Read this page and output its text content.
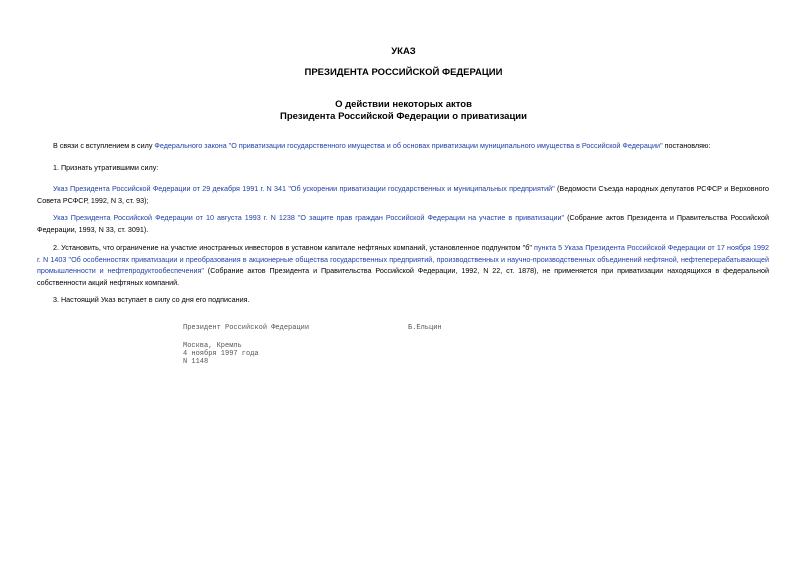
УКАЗ
ПРЕЗИДЕНТА РОССИЙСКОЙ ФЕДЕРАЦИИ
О действии некоторых актов
Президента Российской Федерации о приватизации
В связи с вступлением в силу Федерального закона "О приватизации государственного имущества и об основах приватизации муниципального имущества в Российской Федерации" постановляю:
1. Признать утратившими силу:
Указ Президента Российской Федерации от 29 декабря 1991 г. N 341 "Об ускорении приватизации государственных и муниципальных предприятий" (Ведомости Съезда народных депутатов РСФСР и Верховного Совета РСФСР, 1992, N 3, ст. 93);
Указ Президента Российской Федерации от 10 августа 1993 г. N 1238 "О защите прав граждан Российской Федерации на участие в приватизации" (Собрание актов Президента и Правительства Российской Федерации, 1993, N 33, ст. 3091).
2. Установить, что ограничение на участие иностранных инвесторов в уставном капитале нефтяных компаний, установленное подпунктом "б" пункта 5 Указа Президента Российской Федерации от 17 ноября 1992 г. N 1403 "Об особенностях приватизации и преобразования в акционерные общества государственных предприятий, производственных и научно-производственных объединений нефтяной, нефтеперерабатывающей промышленности и нефтепродуктообеспечения" (Собрание актов Президента и Правительства Российской Федерации, 1992, N 22, ст. 1878), не применяется при приватизации находящихся в федеральной собственности акций нефтяных компаний.
3. Настоящий Указ вступает в силу со дня его подписания.
Президент Российской Федерации	Б.Ельцин
Москва, Кремль
4 ноября 1997 года
N 1148
